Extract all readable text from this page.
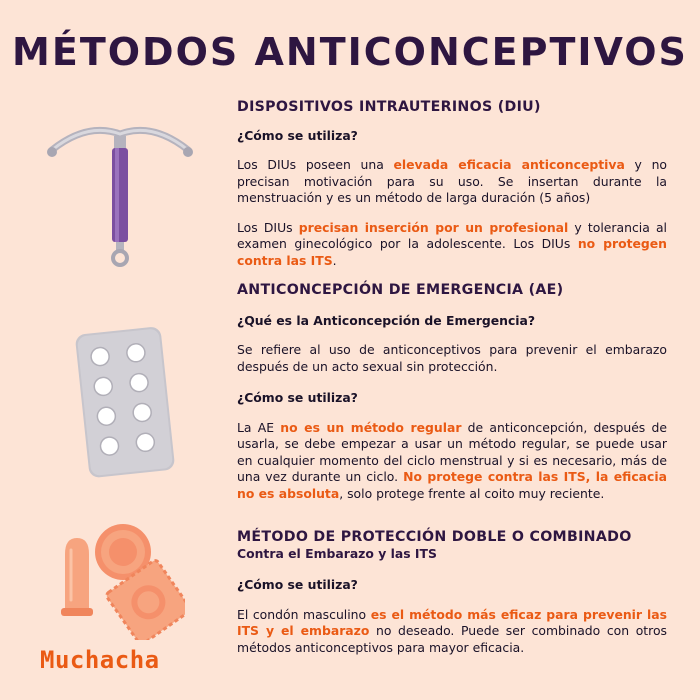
MÉTODOS ANTICONCEPTIVOS
Muchacha
DISPOSITIVOS INTRAUTERINOS (DIU)
¿Cómo se utiliza?
Los DIUs poseen una elevada eficacia anticonceptiva y no precisan motivación para su uso. Se insertan durante la menstruación y es un método de larga duración (5 años)
Los DIUs precisan inserción por un profesional y tolerancia al examen ginecológico por la adolescente. Los DIUs no protegen contra las ITS.
ANTICONCEPCIÓN DE EMERGENCIA (AE)
¿Qué es la Anticoncepción de Emergencia?
Se refiere al uso de anticonceptivos para prevenir el embarazo después de un acto sexual sin protección.
¿Cómo se utiliza?
La AE no es un método regular de anticoncepción, después de usarla, se debe empezar a usar un método regular, se puede usar en cualquier momento del ciclo menstrual y si es necesario, más de una vez durante un ciclo. No protege contra las ITS, la eficacia no es absoluta, solo protege frente al coito muy reciente.
MÉTODO DE PROTECCIÓN DOBLE O COMBINADO
Contra el Embarazo y las ITS
¿Cómo se utiliza?
El condón masculino es el método más eficaz para prevenir las ITS y el embarazo no deseado. Puede ser combinado con otros métodos anticonceptivos para mayor eficacia.
